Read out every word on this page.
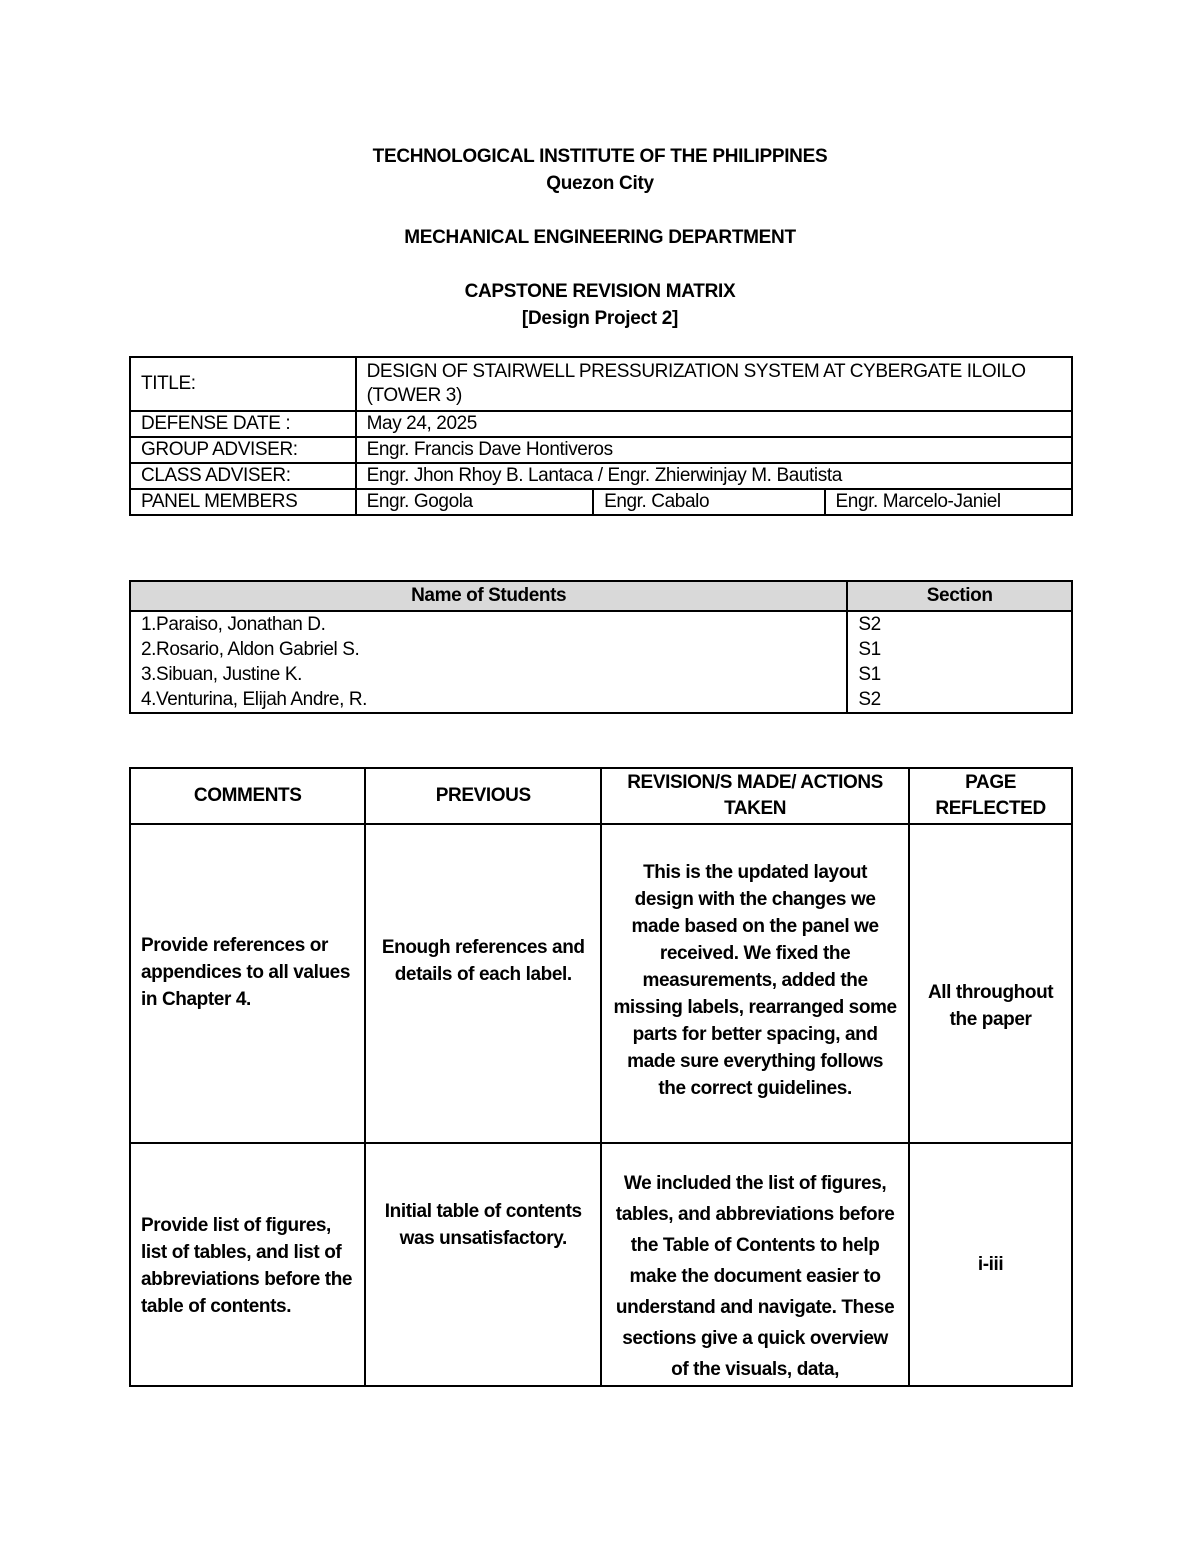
TECHNOLOGICAL INSTITUTE OF THE PHILIPPINES
Quezon City
MECHANICAL ENGINEERING DEPARTMENT
CAPSTONE REVISION MATRIX
[Design Project 2]
TITLE:	DESIGN OF STAIRWELL PRESSURIZATION SYSTEM AT CYBERGATE ILOILO (TOWER 3)		
DEFENSE DATE :	May 24, 2025		
GROUP ADVISER:	Engr. Francis Dave Hontiveros		
CLASS ADVISER:	Engr. Jhon Rhoy B. Lantaca / Engr. Zhierwinjay M. Bautista		
PANEL MEMBERS	Engr. Gogola	Engr. Cabalo	Engr. Marcelo-Janiel
Name of Students	Section
1.Paraiso, Jonathan D.	S2
2.Rosario, Aldon Gabriel S.	S1
3.Sibuan, Justine K.	S1
4.Venturina, Elijah Andre, R.	S2
COMMENTS	PREVIOUS	REVISION/S MADE/ ACTIONS TAKEN	PAGE REFLECTED
Provide references or appendices to all values in Chapter 4.	Enough references and details of each label.	This is the updated layout design with the changes we made based on the panel we received. We fixed the measurements, added the missing labels, rearranged some parts for better spacing, and made sure everything follows the correct guidelines.	All throughout the paper
Provide list of figures, list of tables, and list of abbreviations before the table of contents.	Initial table of contents was unsatisfactory.	We included the list of figures, tables, and abbreviations before the Table of Contents to help make the document easier to understand and navigate. These sections give a quick overview of the visuals, data,	i-iii
